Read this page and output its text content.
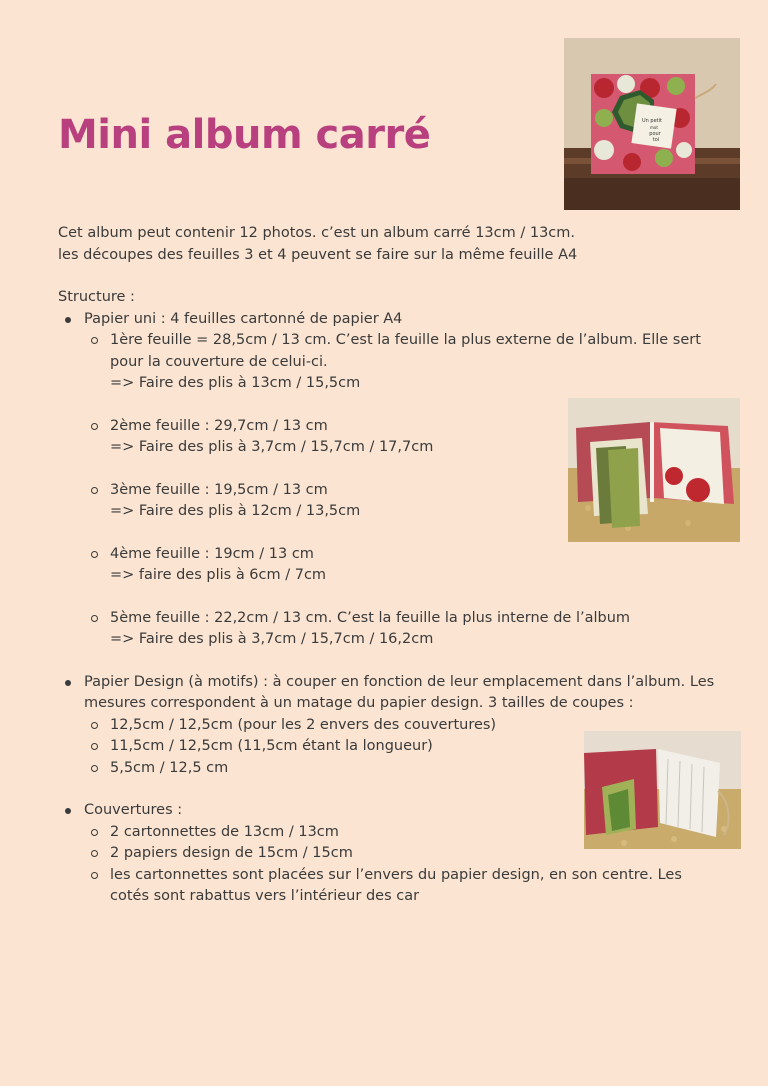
Mini album carré	Un petit
mot
pour
toi

Cet album peut contenir 12 photos. c’est un album carré 13cm / 13cm.

les découpes des feuilles 3 et 4 peuvent se faire sur la même feuille A4

Structure :

Papier uni : 4 feuilles cartonné de papier A4
1ère feuille = 28,5cm / 13 cm. C’est la feuille la plus externe de l’album. Elle sert pour la couverture de celui-ci.
=> Faire des plis à 13cm / 15,5cm
2ème feuille : 29,7cm / 13 cm
=> Faire des plis à 3,7cm / 15,7cm / 17,7cm
3ème feuille : 19,5cm / 13 cm
=> Faire des plis à 12cm / 13,5cm
4ème feuille : 19cm / 13 cm
=> faire des plis à 6cm / 7cm
5ème feuille : 22,2cm / 13 cm. C’est la feuille la plus interne de l’album
=> Faire des plis à 3,7cm / 15,7cm / 16,2cm
Papier Design (à motifs) : à couper en fonction de leur emplacement dans l’album. Les mesures correspondent à un matage du papier design. 3 tailles de coupes :
12,5cm / 12,5cm (pour les 2 envers des couvertures)
11,5cm / 12,5cm (11,5cm étant la longueur)
5,5cm / 12,5 cm
Couvertures :
2 cartonnettes de 13cm / 13cm
2 papiers design de 15cm / 15cm
les cartonnettes sont placées sur l’envers du papier design, en son centre. Les cotés sont rabattus vers l’intérieur des car
